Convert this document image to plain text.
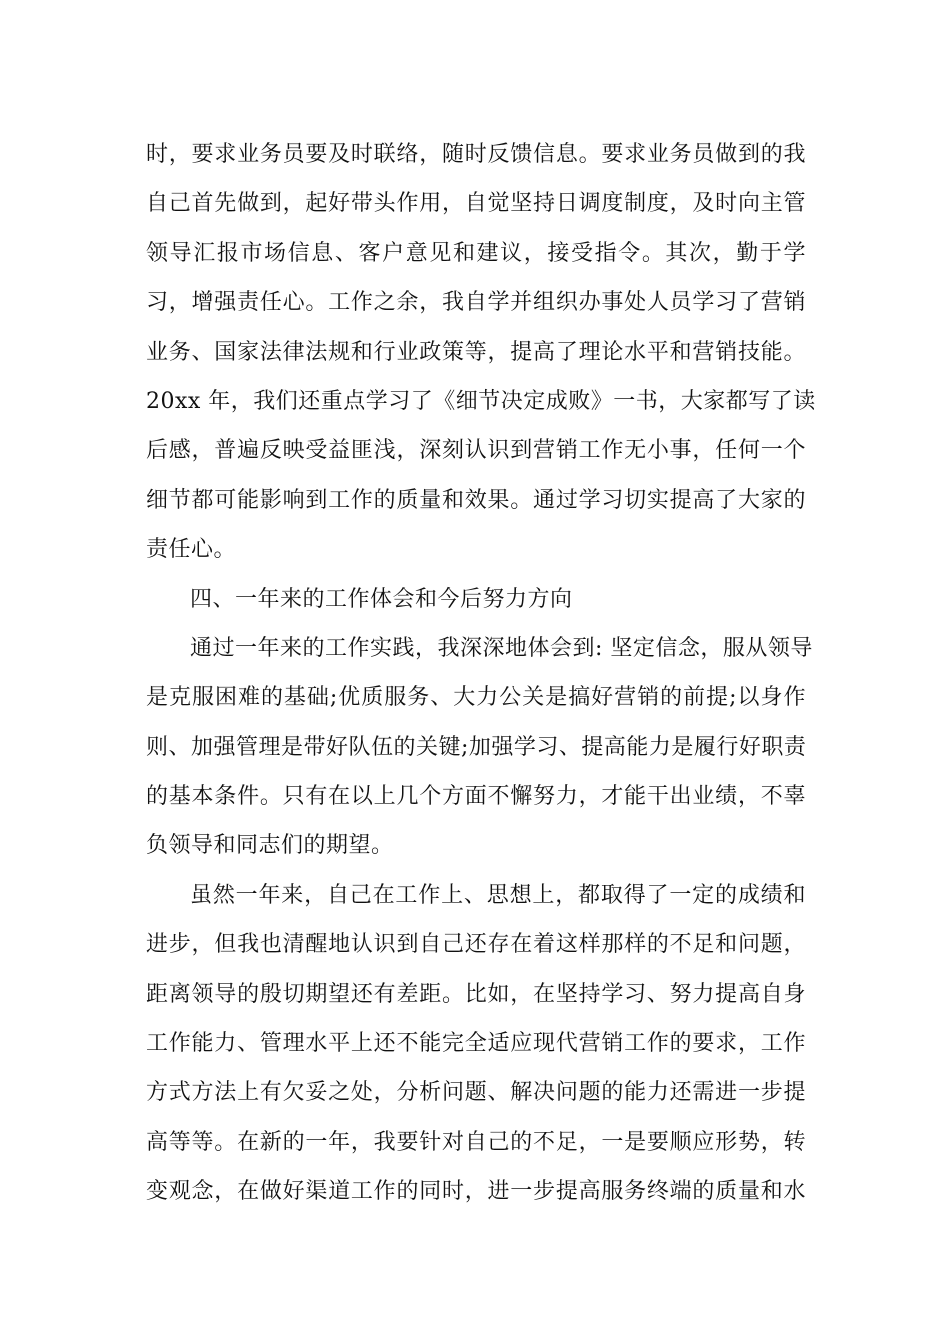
时，要求业务员要及时联络，随时反馈信息。要求业务员做到的我
自己首先做到，起好带头作用，自觉坚持日调度制度，及时向主管
领导汇报市场信息、客户意见和建议，接受指令。其次，勤于学
习，增强责任心。工作之余，我自学并组织办事处人员学习了营销
业务、国家法律法规和行业政策等，提高了理论水平和营销技能。
20xx 年，我们还重点学习了《细节决定成败》一书，大家都写了读
后感，普遍反映受益匪浅，深刻认识到营销工作无小事，任何一个
细节都可能影响到工作的质量和效果。通过学习切实提高了大家的
责任心。
四、一年来的工作体会和今后努力方向
通过一年来的工作实践，我深深地体会到: 坚定信念，服从领导
是克服困难的基础;优质服务、大力公关是搞好营销的前提;以身作
则、加强管理是带好队伍的关键;加强学习、提高能力是履行好职责
的基本条件。只有在以上几个方面不懈努力，才能干出业绩，不辜
负领导和同志们的期望。
虽然一年来，自己在工作上、思想上，都取得了一定的成绩和
进步，但我也清醒地认识到自己还存在着这样那样的不足和问题，
距离领导的殷切期望还有差距。比如，在坚持学习、努力提高自身
工作能力、管理水平上还不能完全适应现代营销工作的要求，工作
方式方法上有欠妥之处，分析问题、解决问题的能力还需进一步提
高等等。在新的一年，我要针对自己的不足，一是要顺应形势，转
变观念，在做好渠道工作的同时，进一步提高服务终端的质量和水
